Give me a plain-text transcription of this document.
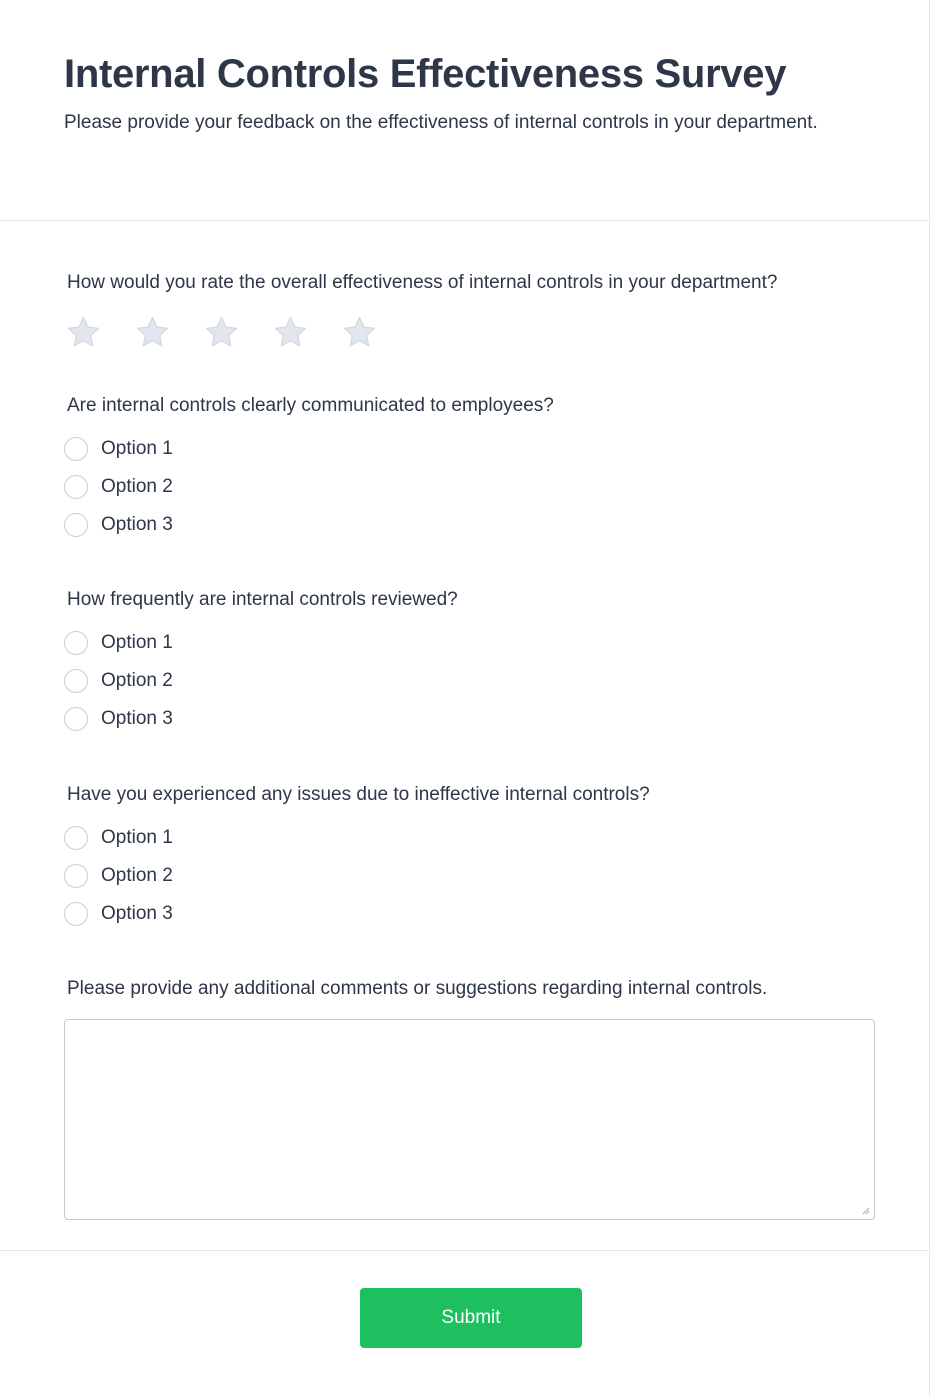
Internal Controls Effectiveness Survey

Please provide your feedback on the effectiveness of internal controls in your department.

How would you rate the overall effectiveness of internal controls in your department?
Are internal controls clearly communicated to employees?
Option 1
Option 2
Option 3
How frequently are internal controls reviewed?
Option 1
Option 2
Option 3
Have you experienced any issues due to ineffective internal controls?
Option 1
Option 2
Option 3
Please provide any additional comments or suggestions regarding internal controls.
Submit
